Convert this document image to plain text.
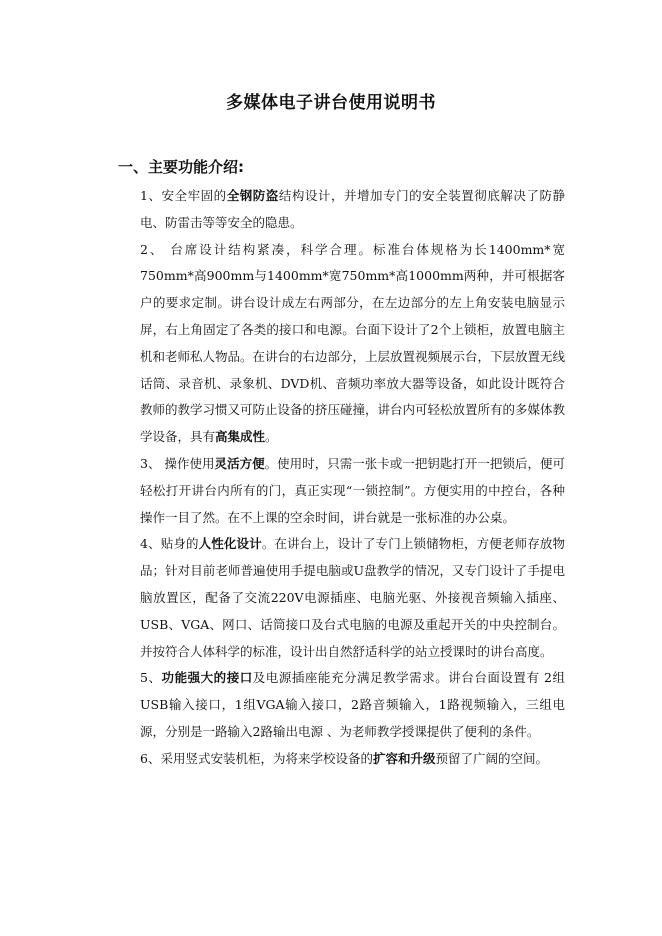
多媒体电子讲台使用说明书
一、主要功能介绍:

1、安全牢固的全钢防盗结构设计，并增加专门的安全装置彻底解决了防静电、防雷击等等安全的隐患。

2、 台席设计结构紧凑，科学合理。标准台体规格为长1400mm*宽750mm*高900mm与1400mm*宽750mm*高1000mm两种，并可根据客户的要求定制。讲台设计成左右两部分，在左边部分的左上角安装电脑显示屏，右上角固定了各类的接口和电源。台面下设计了2个上锁柜，放置电脑主机和老师私人物品。在讲台的右边部分，上层放置视频展示台，下层放置无线话筒、录音机、录象机、DVD机、音频功率放大器等设备，如此设计既符合教师的教学习惯又可防止设备的挤压碰撞，讲台内可轻松放置所有的多媒体教学设备，具有高集成性。

3、 操作使用灵活方便。使用时，只需一张卡或一把钥匙打开一把锁后，便可轻松打开讲台内所有的门，真正实现“一锁控制”。方便实用的中控台，各种操作一目了然。在不上课的空余时间，讲台就是一张标准的办公桌。

4、贴身的人性化设计。在讲台上，设计了专门上锁储物柜，方便老师存放物品；针对目前老师普遍使用手提电脑或U盘教学的情况，又专门设计了手提电脑放置区，配备了交流220V电源插座、电脑光驱、外接视音频输入插座、USB、VGA、网口、话筒接口及台式电脑的电源及重起开关的中央控制台。并按符合人体科学的标准，设计出自然舒适科学的站立授课时的讲台高度。

5、功能强大的接口及电源插座能充分满足教学需求。讲台台面设置有 2组USB输入接口，1组VGA输入接口，2路音频输入，1路视频输入，三组电源，分别是一路输入2路输出电源 、为老师教学授课提供了便利的条件。

6、采用竖式安装机柜，为将来学校设备的扩容和升级预留了广阔的空间。
